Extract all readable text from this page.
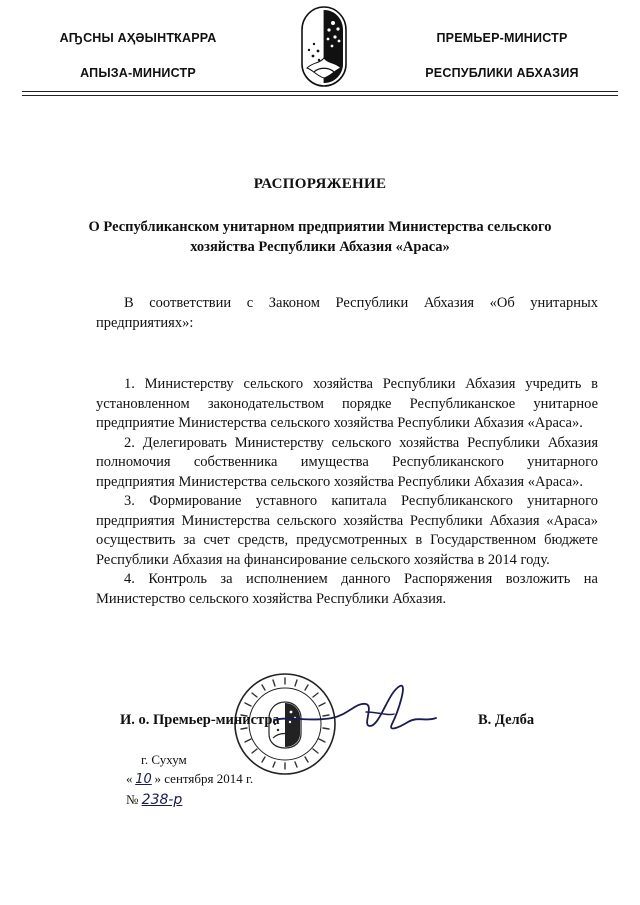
АҦСНЫ АҲӘЫНТҞАРРА
АПЫЗА-МИНИСТР
ПРЕМЬЕР-МИНИСТР
РЕСПУБЛИКИ АБХАЗИЯ
РАСПОРЯЖЕНИЕ
О Республиканском унитарном предприятии Министерства сельского хозяйства Республики Абхазия «Араса»

В соответствии с Законом Республики Абхазия «Об унитарных предприятиях»:

1. Министерству сельского хозяйства Республики Абхазия учредить в установленном законодательством порядке Республиканское унитарное предприятие Министерства сельского хозяйства Республики Абхазия «Араса».

2. Делегировать Министерству сельского хозяйства Республики Абхазия полномочия собственника имущества Республиканского унитарного предприятия Министерства сельского хозяйства Республики Абхазия «Араса».

3. Формирование уставного капитала Республиканского унитарного предприятия Министерства сельского хозяйства Республики Абхазия «Араса» осуществить за счет средств, предусмотренных в Государственном бюджете Республики Абхазия на финансирование сельского хозяйства в 2014 году.

4. Контроль за исполнением данного Распоряжения возложить на Министерство сельского хозяйства Республики Абхазия.

И. о. Премьер-министра	В. Делба
г. Сухум
« 10 » сентября 2014 г.
№ 238-р
